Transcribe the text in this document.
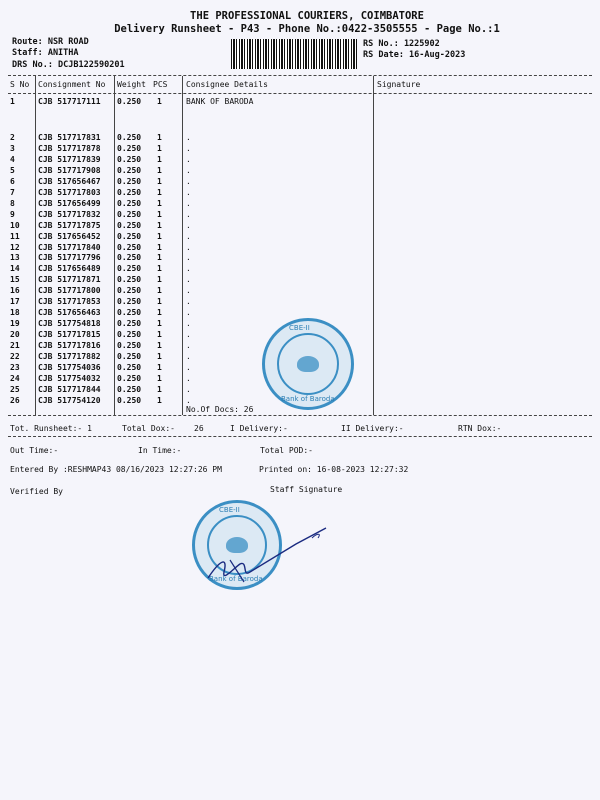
THE PROFESSIONAL COURIERS, COIMBATORE
Delivery Runsheet - P43 - Phone No.:0422-3505555 - Page No.:1
Route: NSR ROAD
Staff: ANITHA
DRS No.: DCJB122590201
RS No.: 1225902
RS Date: 16-Aug-2023
S No Consignment No Weight PCS Consignee Details	Signature
1	CJB 517717111 0.250 1	BANK OF BARODA
2	CJB 517717831 0.250 1	.
3	CJB 517717878 0.250 1	.
4	CJB 517717839 0.250 1	.
5	CJB 517717908 0.250 1	.
6	CJB 517656467 0.250 1	.
7	CJB 517717803 0.250 1	.
8	CJB 517656499 0.250 1	.
9	CJB 517717832 0.250 1	.
10 CJB 517717875 0.250 1	.
11 CJB 517656452 0.250 1	.
12 CJB 517717840 0.250 1	.
13 CJB 517717796 0.250 1	.
14 CJB 517656489 0.250 1	.
15 CJB 517717871 0.250 1	.
16 CJB 517717800 0.250 1	.
17 CJB 517717853 0.250 1	.
18 CJB 517656463 0.250 1	.
19 CJB 517754818 0.250 1	.
20 CJB 517717815 0.250 1	.
21 CJB 517717816 0.250 1	.
22 CJB 517717882 0.250 1	.
23 CJB 517754036 0.250 1	.
24 CJB 517754032 0.250 1	.
25 CJB 517717844 0.250 1	.
26 CJB 517754120 0.250 1	.
No.Of Docs: 26
CBE-II
Bank of Baroda
Tot. Runsheet:- 1	Total Dox:- 26	I Delivery:-	II Delivery:-	RTN Dox:-
Out Time:-	In Time:-	Total POD:-
Entered By :RESHMAP43 08/16/2023 12:27:26 PM	Printed on: 16-08-2023 12:27:32
Verified By	Staff Signature
CBE-II
Bank of Baroda
